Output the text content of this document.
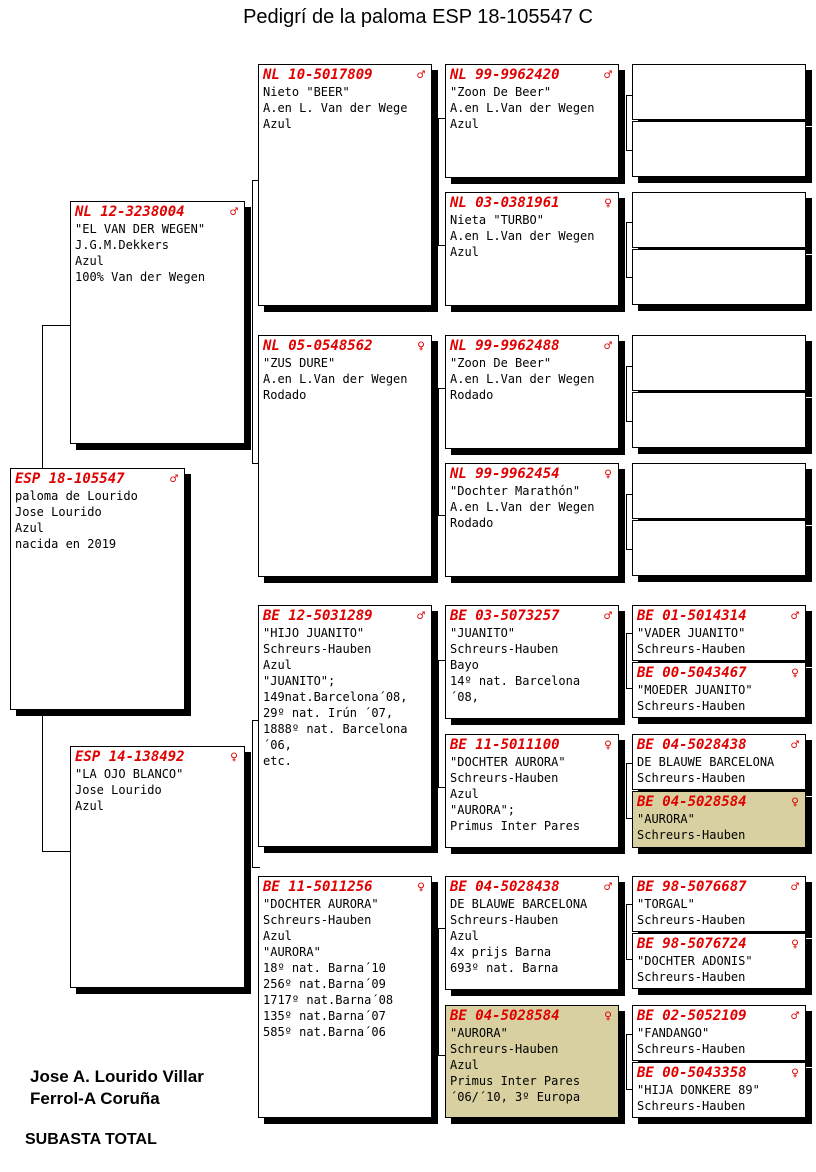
Pedigrí de la paloma ESP 18-105547 C
ESP 18-105547	♂
paloma de Lourido
Jose Lourido
Azul
nacida en 2019
NL 12-3238004	♂
"EL VAN DER WEGEN"
J.G.M.Dekkers
Azul
100% Van der Wegen
ESP 14-138492	♀
"LA OJO BLANCO"
Jose Lourido
Azul
NL 10-5017809	♂
Nieto "BEER"
A.en L. Van der Wege
Azul
NL 05-0548562	♀
"ZUS DURE"
A.en L.Van der Wegen
Rodado
BE 12-5031289	♂
"HIJO JUANITO"
Schreurs-Hauben
Azul
"JUANITO";
149nat.Barcelona´08,
29º nat. Irún ´07,
1888º nat. Barcelona
´06,
etc.
BE 11-5011256	♀
"DOCHTER AURORA"
Schreurs-Hauben
Azul
"AURORA"
18º nat. Barna´10
256º nat.Barna´09
1717º nat.Barna´08
135º nat.Barna´07
585º nat.Barna´06
NL 99-9962420	♂
"Zoon De Beer"
A.en L.Van der Wegen
Azul
NL 03-0381961	♀
Nieta "TURBO"
A.en L.Van der Wegen
Azul
NL 99-9962488	♂
"Zoon De Beer"
A.en L.Van der Wegen
Rodado
NL 99-9962454	♀
"Dochter Marathón"
A.en L.Van der Wegen
Rodado
BE 03-5073257	♂
"JUANITO"
Schreurs-Hauben
Bayo
14º nat. Barcelona
´08,
BE 11-5011100	♀
"DOCHTER AURORA"
Schreurs-Hauben
Azul
"AURORA";
Primus Inter Pares
BE 04-5028438	♂
DE BLAUWE BARCELONA
Schreurs-Hauben
Azul
4x prijs Barna
693º nat. Barna
BE 04-5028584	♀
"AURORA"
Schreurs-Hauben
Azul
Primus Inter Pares
´06/´10, 3º Europa
BE 01-5014314	♂
"VADER JUANITO"
Schreurs-Hauben
BE 00-5043467	♀
"MOEDER JUANITO"
Schreurs-Hauben
BE 04-5028438	♂
DE BLAUWE BARCELONA
Schreurs-Hauben
BE 04-5028584	♀
"AURORA"
Schreurs-Hauben
BE 98-5076687	♂
"TORGAL"
Schreurs-Hauben
BE 98-5076724	♀
"DOCHTER ADONIS"
Schreurs-Hauben
BE 02-5052109	♂
"FANDANGO"
Schreurs-Hauben
BE 00-5043358	♀
"HIJA DONKERE 89"
Schreurs-Hauben
Jose A. Lourido Villar
Ferrol-A Coruña
SUBASTA TOTAL
